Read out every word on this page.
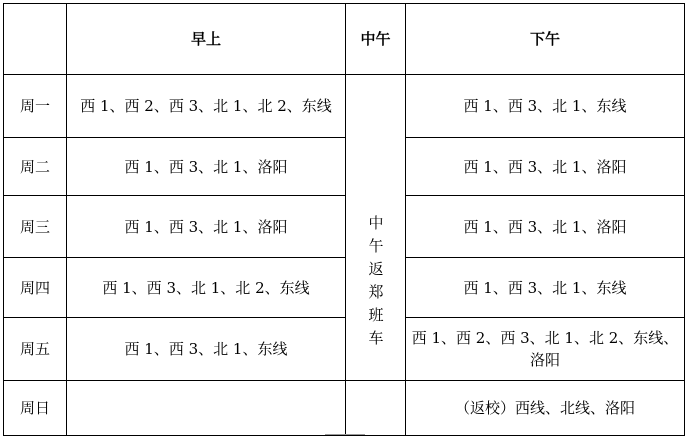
	早上	中午	下午
周一	西 1、西 2、西 3、北 1、北 2、东线	中午返郑班车	西 1、西 3、北 1、东线
周二	西 1、西 3、北 1、洛阳		西 1、西 3、北 1、洛阳
周三	西 1、西 3、北 1、洛阳		西 1、西 3、北 1、洛阳
周四	西 1、西 3、北 1、北 2、东线		西 1、西 3、北 1、东线
周五	西 1、西 3、北 1、东线		西 1、西 2、西 3、北 1、北 2、东线、洛阳
周日			（返校）西线、北线、洛阳
